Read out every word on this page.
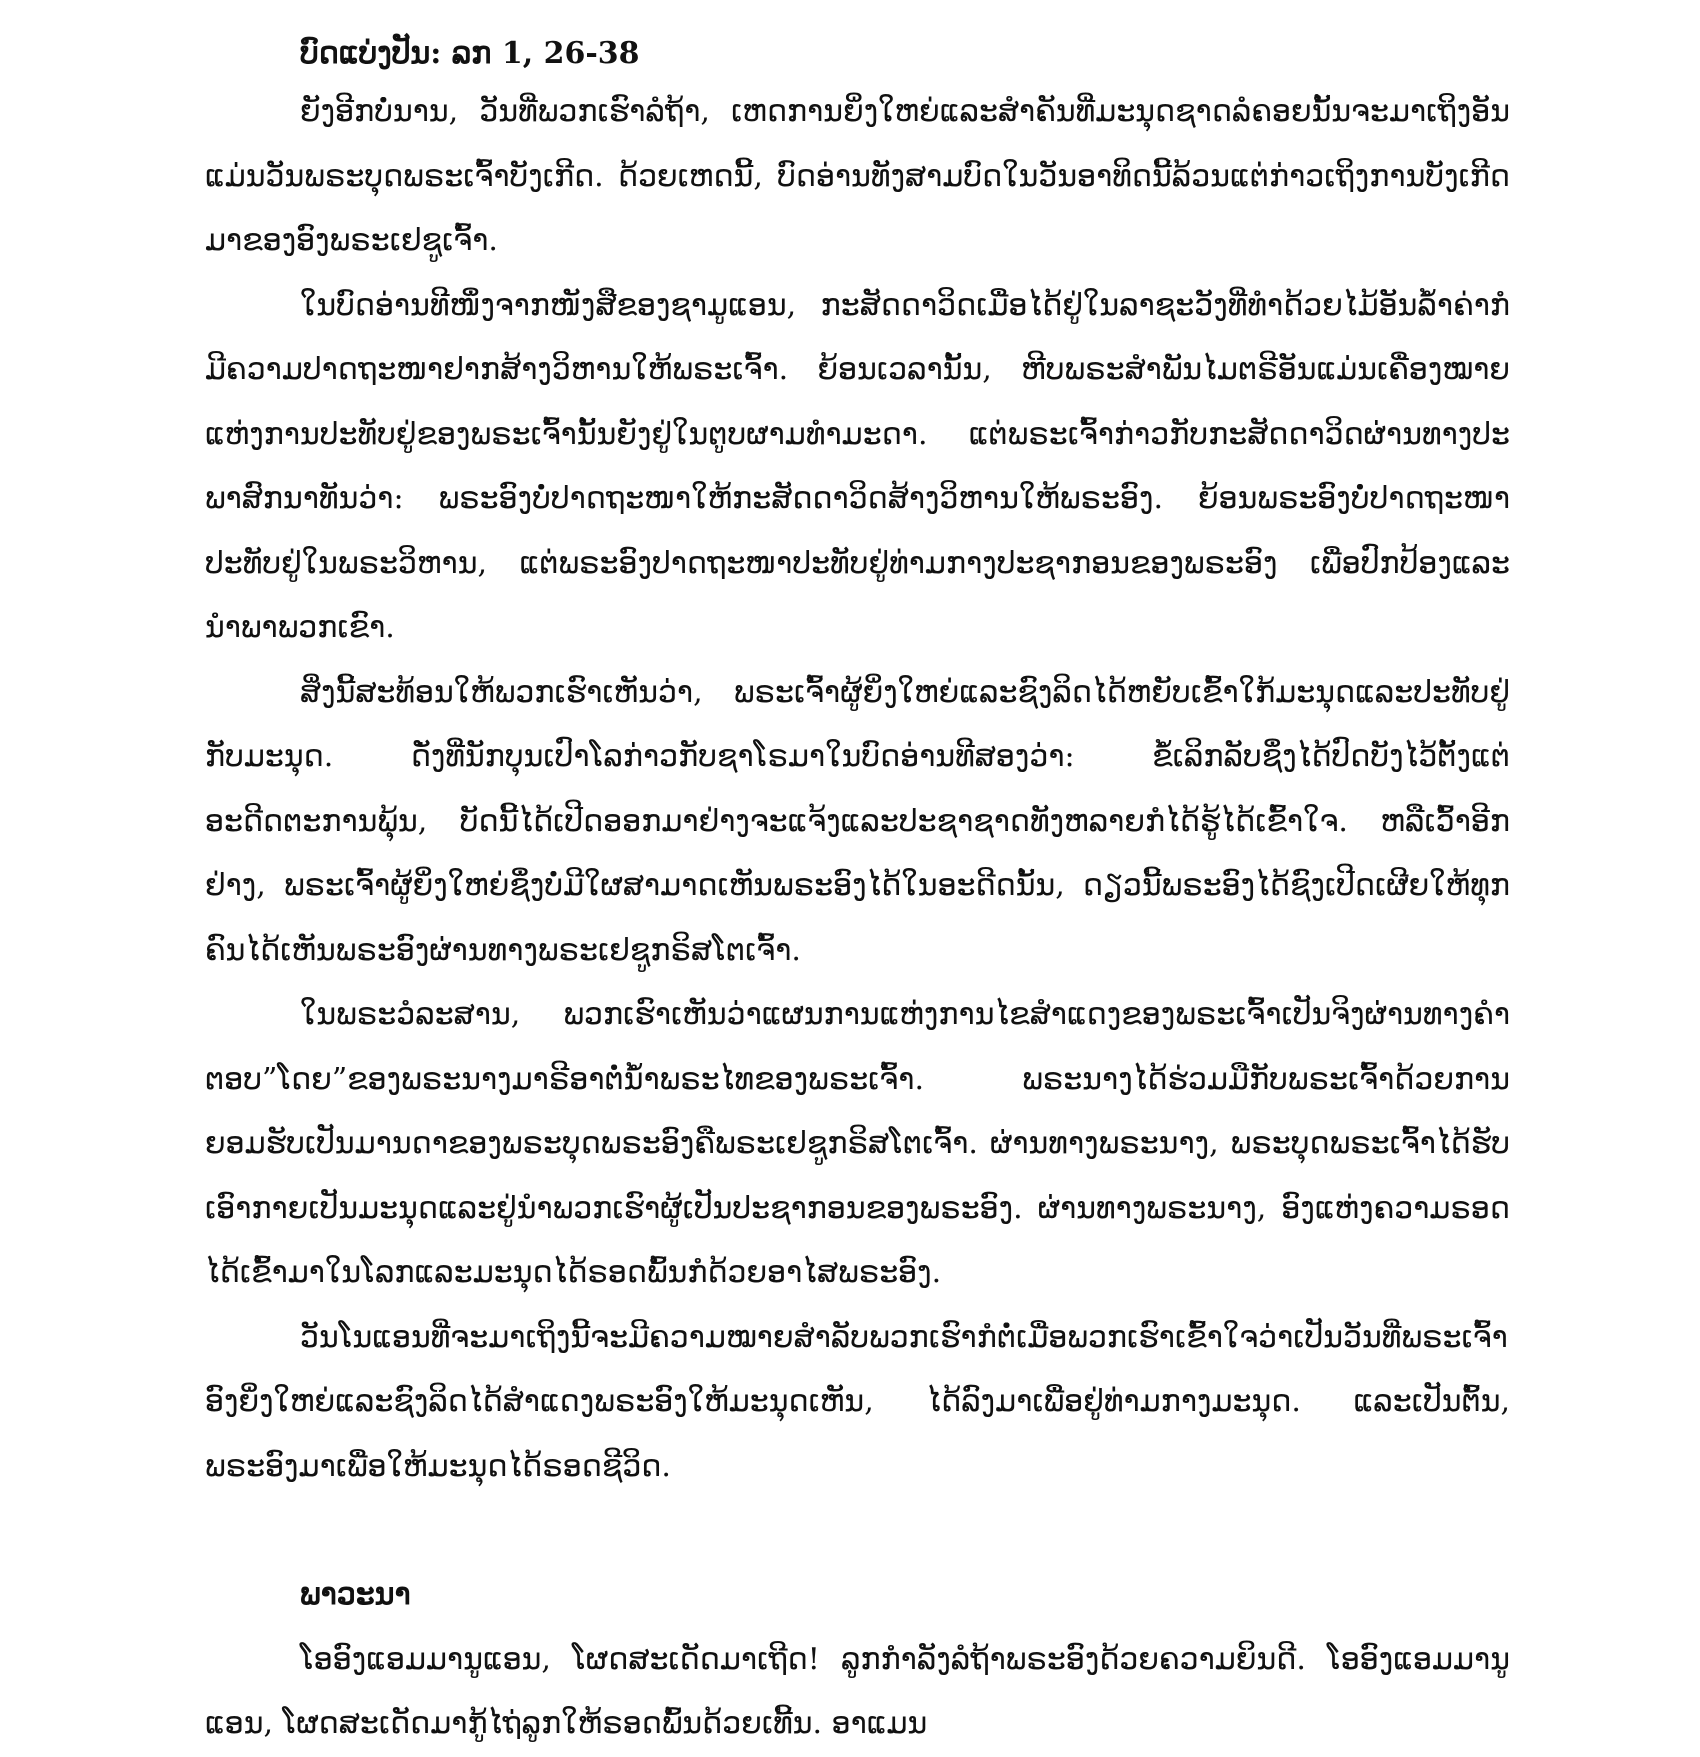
ບົດແບ່ງປັນ: ລກ 1, 26-38

ຍັງອີກບໍ່ນານ, ວັນທີ່ພວກເຮົາລໍຖ້າ, ເຫດການຍິ່ງໃຫຍ່ແລະສຳຄັນທີ່ມະນຸດຊາດລໍຄອຍນັ້ນຈະມາເຖິງອັນແມ່ນວັນພຣະບຸດພຣະເຈົ້າບັງເກີດ. ດ້ວຍເຫດນີ້, ບົດອ່ານທັງສາມບົດໃນວັນອາທິດນີ້ລ້ວນແຕ່ກ່າວເຖິງການບັງເກີດມາຂອງອົງພຣະເຢຊູເຈົ້າ.

ໃນບົດອ່ານທີໜຶ່ງຈາກໜັງສືຂອງຊາມູແອນ, ກະສັດດາວິດເມື່ອໄດ້ຢູ່ໃນລາຊະວັງທີ່ທຳດ້ວຍໄມ້ອັນລ້ຳຄ່າກໍມີຄວາມປາດຖະໜາຢາກສ້າງວິຫານໃຫ້ພຣະເຈົ້າ. ຍ້ອນເວລານັ້ນ, ຫີບພຣະສຳພັນໄມຕຣີອັນແມ່ນເຄື່ອງໝາຍແຫ່ງການປະທັບຢູ່ຂອງພຣະເຈົ້ານັ້ນຍັງຢູ່ໃນຕູບຜາມທຳມະດາ. ແຕ່ພຣະເຈົ້າກ່າວກັບກະສັດດາວິດຜ່ານທາງປະພາສົກນາທັນວ່າ: ພຣະອົງບໍ່ປາດຖະໜາໃຫ້ກະສັດດາວິດສ້າງວິຫານໃຫ້ພຣະອົງ. ຍ້ອນພຣະອົງບໍ່ປາດຖະໜາປະທັບຢູ່ໃນພຣະວິຫານ, ແຕ່ພຣະອົງປາດຖະໜາປະທັບຢູ່ທ່າມກາງປະຊາກອນຂອງພຣະອົງ ເພື່ອປົກປ້ອງແລະນຳພາພວກເຂົາ.

ສິ່ງນີ້ສະທ້ອນໃຫ້ພວກເຮົາເຫັນວ່າ, ພຣະເຈົ້າຜູ້ຍິ່ງໃຫຍ່ແລະຊົງລິດໄດ້ຫຍັບເຂົ້າໃກ້ມະນຸດແລະປະທັບຢູ່ກັບມະນຸດ. ດັ່ງທີ່ນັກບຸນເປົາໂລກ່າວກັບຊາໂຣມາໃນບົດອ່ານທີສອງວ່າ: ຂໍ້ເລິກລັບຊຶ່ງໄດ້ປົດບັງໄວ້ຕັ້ງແຕ່ອະດີດຕະການພຸ້ນ, ບັດນີ້ໄດ້ເປີດອອກມາຢ່າງຈະແຈ້ງແລະປະຊາຊາດທັງຫລາຍກໍໄດ້ຮູ້ໄດ້ເຂົ້າໃຈ. ຫລືເວົ້າອີກຢ່າງ, ພຣະເຈົ້າຜູ້ຍິ່ງໃຫຍ່ຊຶ່ງບໍ່ມີໃຜສາມາດເຫັນພຣະອົງໄດ້ໃນອະດີດນັ້ນ, ດຽວນີ້ພຣະອົງໄດ້ຊົງເປີດເຜີຍໃຫ້ທຸກຄົນໄດ້ເຫັນພຣະອົງຜ່ານທາງພຣະເຢຊູກຣິສໂຕເຈົ້າ.

ໃນພຣະວໍລະສານ, ພວກເຮົາເຫັນວ່າແຜນການແຫ່ງການໄຂສຳແດງຂອງພຣະເຈົ້າເປັນຈິງຜ່ານທາງຄຳຕອບ”ໂດຍ”ຂອງພຣະນາງມາຣີອາຕໍ່ນ້ຳພຣະໄທຂອງພຣະເຈົ້າ. ພຣະນາງໄດ້ຮ່ວມມືກັບພຣະເຈົ້າດ້ວຍການຍອມຮັບເປັນມານດາຂອງພຣະບຸດພຣະອົງຄືພຣະເຢຊູກຣິສໂຕເຈົ້າ. ຜ່ານທາງພຣະນາງ, ພຣະບຸດພຣະເຈົ້າໄດ້ຮັບເອົາກາຍເປັນມະນຸດແລະຢູ່ນຳພວກເຮົາຜູ້ເປັນປະຊາກອນຂອງພຣະອົງ. ຜ່ານທາງພຣະນາງ, ອົງແຫ່ງຄວາມຣອດໄດ້ເຂົ້າມາໃນໂລກແລະມະນຸດໄດ້ຣອດພົ້ນກໍດ້ວຍອາໄສພຣະອົງ.

ວັນໂນແອນທີ່ຈະມາເຖິງນີ້ຈະມີຄວາມໝາຍສຳລັບພວກເຮົາກໍຕໍ່ເມື່ອພວກເຮົາເຂົ້າໃຈວ່າເປັນວັນທີ່ພຣະເຈົ້າອົງຍິ່ງໃຫຍ່ແລະຊົງລິດໄດ້ສຳແດງພຣະອົງໃຫ້ມະນຸດເຫັນ, ໄດ້ລົງມາເພື່ອຢູ່ທ່າມກາງມະນຸດ. ແລະເປັນຕົ້ນ, ພຣະອົງມາເພື່ອໃຫ້ມະນຸດໄດ້ຣອດຊີວິດ.

ພາວະນາ

ໂອອົງແອມມານູແອນ, ໂຜດສະເດັດມາເຖີດ! ລູກກຳລັງລໍຖ້າພຣະອົງດ້ວຍຄວາມຍິນດີ. ໂອອົງແອມມານູແອນ, ໂຜດສະເດັດມາກູ້ໄຖ່ລູກໃຫ້ຣອດພົ້ນດ້ວຍເທີ້ນ. ອາແມນ
